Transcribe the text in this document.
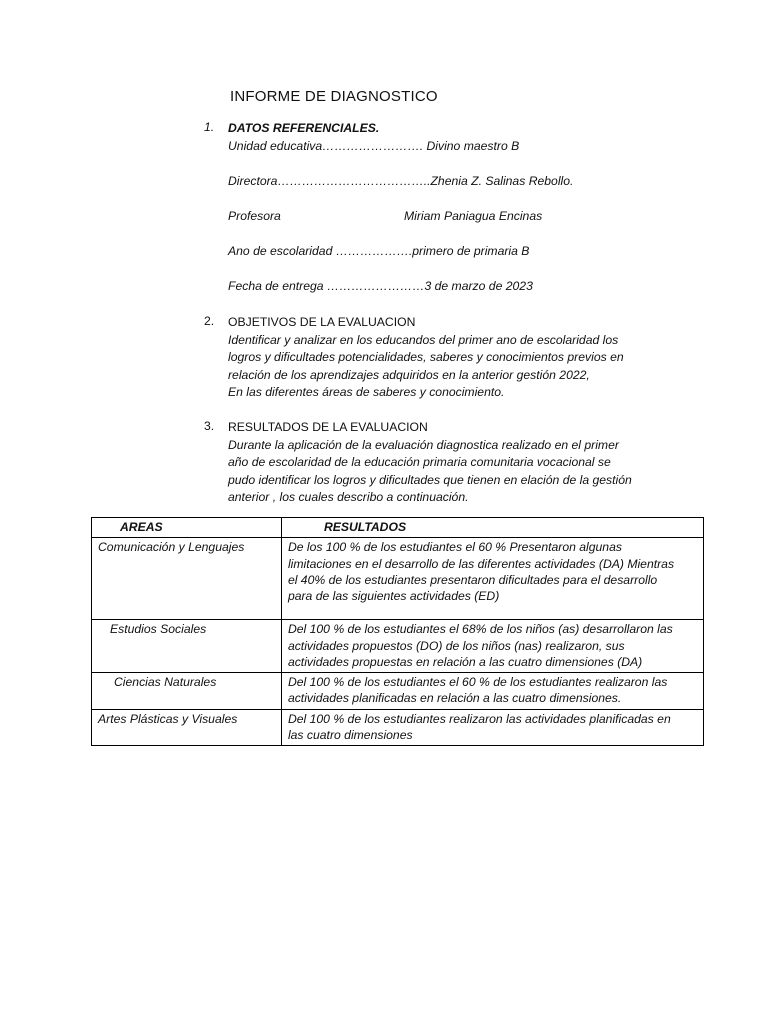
INFORME DE DIAGNOSTICO
1. DATOS REFERENCIALES.
Unidad educativa……………………. Divino maestro B
Directora………………………………..Zhenia Z. Salinas Rebollo.
Profesora	Miriam Paniagua Encinas
Ano de escolaridad ……………….primero de primaria B
Fecha de entrega ……………………3 de marzo de 2023
2. OBJETIVOS DE LA EVALUACION
Identificar y analizar en los educandos del primer ano de escolaridad los
logros y dificultades potencialidades, saberes y conocimientos previos en
relación de los aprendizajes adquiridos en la anterior gestión 2022,
En las diferentes áreas de saberes y conocimiento.
3. RESULTADOS DE LA EVALUACION
Durante la aplicación de la evaluación diagnostica realizado en el primer
año de escolaridad de la educación primaria comunitaria vocacional se
pudo identificar los logros y dificultades que tienen en elación de la gestión
anterior , los cuales describo a continuación.
AREAS	RESULTADOS
Comunicación y Lenguajes	De los 100 % de los estudiantes el 60 % Presentaron algunas
limitaciones en el desarrollo de las diferentes actividades (DA) Mientras
el 40% de los estudiantes presentaron dificultades para el desarrollo
para de las siguientes actividades (ED)

Estudios Sociales	Del 100 % de los estudiantes el 68% de los niños (as) desarrollaron las
actividades propuestos (DO) de los niños (nas) realizaron, sus
actividades propuestas en relación a las cuatro dimensiones (DA)

Ciencias Naturales	Del 100 % de los estudiantes el 60 % de los estudiantes realizaron las
actividades planificadas en relación a las cuatro dimensiones.

Artes Plásticas y Visuales	Del 100 % de los estudiantes realizaron las actividades planificadas en
las cuatro dimensiones
